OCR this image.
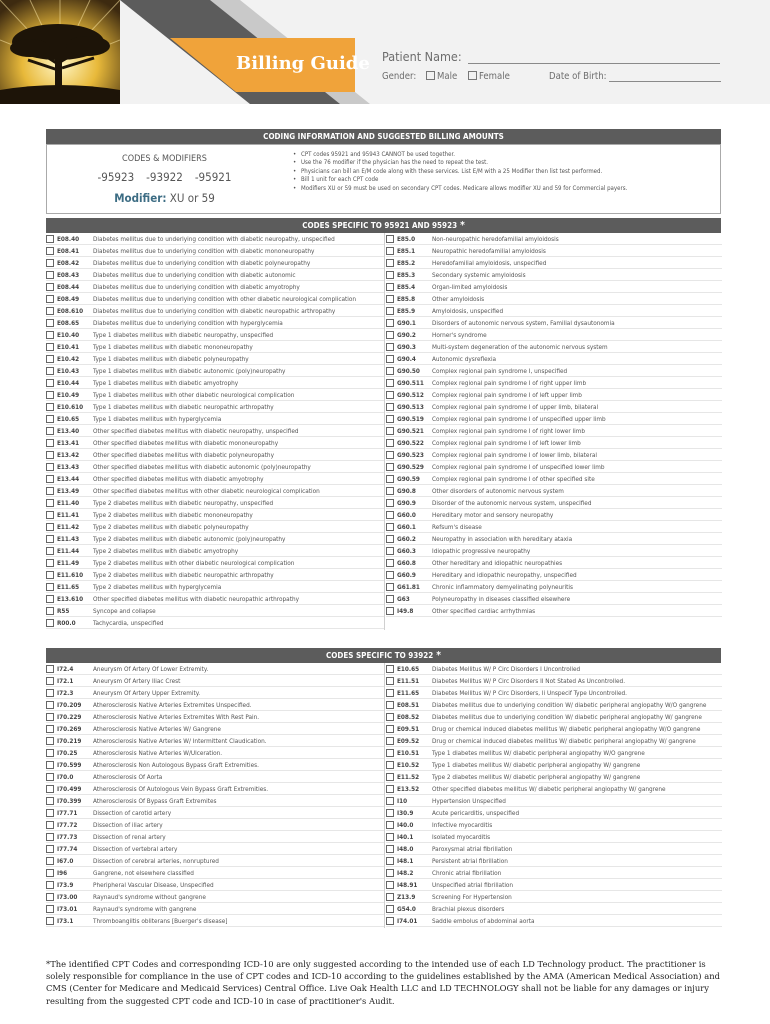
Billing Guide Patient Name:
Gender:	Male	Female	Date of Birth:
CODING INFORMATION AND SUGGESTED BILLING AMOUNTS
CODES & MODIFIERS
-95923 -93922 -95921
Modifier: XU or 59
• CPT codes 95921 and 95943 CANNOT be used together.
• Use the 76 modifier if the physician has the need to repeat the test.
• Physicians can bill an E/M code along with these services. List E/M with a 25 Modifier then list test performed.
• Bill 1 unit for each CPT code
• Modifiers XU or 59 must be used on secondary CPT codes. Medicare allows modifier XU and 59 for Commercial payers.
CODES SPECIFIC TO 95921 AND 95923 *
E08.40 Diabetes mellitus due to underlying condition with diabetic neuropathy, unspecified
E08.41 Diabetes mellitus due to underlying condition with diabetic mononeuropathy
E08.42 Diabetes mellitus due to underlying condition with diabetic polyneuropathy
E08.43 Diabetes mellitus due to underlying condition with diabetic autonomic
E08.44 Diabetes mellitus due to underlying condition with diabetic amyotrophy
E08.49 Diabetes mellitus due to underlying condition with other diabetic neurological complication
E08.610 Diabetes mellitus due to underlying condition with diabetic neuropathic arthropathy
E08.65 Diabetes mellitus due to underlying condition with hyperglycemia
E10.40 Type 1 diabetes mellitus with diabetic neuropathy, unspecified
E10.41 Type 1 diabetes mellitus with diabetic mononeuropathy
E10.42 Type 1 diabetes mellitus with diabetic polyneuropathy
E10.43 Type 1 diabetes mellitus with diabetic autonomic (poly)neuropathy
E10.44 Type 1 diabetes mellitus with diabetic amyotrophy
E10.49 Type 1 diabetes mellitus with other diabetic neurological complication
E10.610 Type 1 diabetes mellitus with diabetic neuropathic arthropathy
E10.65 Type 1 diabetes mellitus with hyperglycemia
E13.40 Other specified diabetes mellitus with diabetic neuropathy, unspecified
E13.41 Other specified diabetes mellitus with diabetic mononeuropathy
E13.42 Other specified diabetes mellitus with diabetic polyneuropathy
E13.43 Other specified diabetes mellitus with diabetic autonomic (poly)neuropathy
E13.44 Other specified diabetes mellitus with diabetic amyotrophy
E13.49 Other specified diabetes mellitus with other diabetic neurological complication
E11.40 Type 2 diabetes mellitus with diabetic neuropathy, unspecified
E11.41 Type 2 diabetes mellitus with diabetic mononeuropathy
E11.42 Type 2 diabetes mellitus with diabetic polyneuropathy
E11.43 Type 2 diabetes mellitus with diabetic autonomic (poly)neuropathy
E11.44 Type 2 diabetes mellitus with diabetic amyotrophy
E11.49 Type 2 diabetes mellitus with other diabetic neurological complication
E11.610 Type 2 diabetes mellitus with diabetic neuropathic arthropathy
E11.65 Type 2 diabetes mellitus with hyperglycemia
E13.610 Other specified diabetes mellitus with diabetic neuropathic arthropathy
R55	Syncope and collapse
R00.0	Tachycardia, unspecified
E85.0	Non-neuropathic heredofamilial amyloidosis
E85.1	Neuropathic heredofamilial amyloidosis
E85.2	Heredofamilial amyloidosis, unspecified
E85.3	Secondary systemic amyloidosis
E85.4	Organ-limited amyloidosis
E85.8	Other amyloidosis
E85.9	Amyloidosis, unspecified
G90.1	Disorders of autonomic nervous system, Familial dysautonomia
G90.2	Horner's syndrome
G90.3	Multi-system degeneration of the autonomic nervous system
G90.4	Autonomic dysreflexia
G90.50 Complex regional pain syndrome I, unspecified
G90.511 Complex regional pain syndrome I of right upper limb
G90.512 Complex regional pain syndrome I of left upper limb
G90.513 Complex regional pain syndrome I of upper limb, bilateral
G90.519 Complex regional pain syndrome I of unspecified upper limb
G90.521 Complex regional pain syndrome I of right lower limb
G90.522 Complex regional pain syndrome I of left lower limb
G90.523 Complex regional pain syndrome I of lower limb, bilateral
G90.529 Complex regional pain syndrome I of unspecified lower limb
G90.59 Complex regional pain syndrome I of other specified site
G90.8	Other disorders of autonomic nervous system
G90.9	Disorder of the autonomic nervous system, unspecified
G60.0	Hereditary motor and sensory neuropathy
G60.1	Refsum's disease
G60.2	Neuropathy in association with hereditary ataxia
G60.3	Idiopathic progressive neuropathy
G60.8	Other hereditary and idiopathic neuropathies
G60.9	Hereditary and idiopathic neuropathy, unspecified
G61.81 Chronic inflammatory demyelinating polyneuritis
G63	Polyneuropathy in diseases classified elsewhere
I49.8	Other specified cardiac arrhythmias
CODES SPECIFIC TO 93922 *
I72.4	Aneurysm Of Artery Of Lower Extremity.
I72.1	Aneurysm Of Artery Iliac Crest
I72.3	Aneurysm Of Artery Upper Extremity.
I70.209 Atherosclerosis Native Arteries Extremites Unspecified.
I70.229 Atherosclerosis Native Arteries Extremites With Rest Pain.
I70.269 Atherosclerosis Native Arteries W/ Gangrene
I70.219 Atherosclerosis Native Arteries W/ Intermittent Claudication.
I70.25 Atherosclerosis Native Arteries W/Ulceration.
I70.599 Atherosclerosis Non Autologous Bypass Graft Extremities.
I70.0	Atherosclerosis Of Aorta
I70.499 Atherosclerosis Of Autologous Vein Bypass Graft Extremities.
I70.399 Atherosclerosis Of Bypass Graft Extremites
I77.71 Dissection of carotid artery
I77.72 Dissection of iliac artery
I77.73 Dissection of renal artery
I77.74 Dissection of vertebral artery
I67.0	Dissection of cerebral arteries, nonruptured
I96	Gangrene, not elsewhere classified
I73.9	Pheripheral Vascular Disease, Unspecified
I73.00 Raynaud's syndrome without gangrene
I73.01 Raynaud's syndrome with gangrene
I73.1	Thromboangiitis obliterans [Buerger's disease]
E10.65 Diabetes Mellitus W/ P Circ Disorders I Uncontrolled
E11.51 Diabetes Mellitus W/ P Circ Disorders II Not Stated As Uncontrolled.
E11.65 Diabetes Mellitus W/ P Circ Disorders, Ii Unspecif Type Uncontrolled.
E08.51 Diabetes mellitus due to underlying condition W/ diabetic peripheral angiopathy W/O gangrene
E08.52 Diabetes mellitus due to underlying condition W/ diabetic peripheral angiopathy W/ gangrene
E09.51 Drug or chemical induced diabetes mellitus W/ diabetic peripheral angiopathy W/O gangrene
E09.52 Drug or chemical induced diabetes mellitus W/ diabetic peripheral angiopathy W/ gangrene
E10.51 Type 1 diabetes mellitus W/ diabetic peripheral angiopathy W/O gangrene
E10.52 Type 1 diabetes mellitus W/ diabetic peripheral angiopathy W/ gangrene
E11.52 Type 2 diabetes mellitus W/ diabetic peripheral angiopathy W/ gangrene
E13.52 Other specified diabetes mellitus W/ diabetic peripheral angiopathy W/ gangrene
I10	Hypertension Unspecified
I30.9	Acute pericarditis, unspecified
I40.0	Infective myocarditis
I40.1	Isolated myocarditis
I48.0	Paroxysmal atrial fibrillation
I48.1	Persistent atrial fibrillation
I48.2	Chronic atrial fibrillation
I48.91 Unspecified atrial fibrillation
Z13.9	Screening For Hypertension
G54.0	Brachial plexus disorders
I74.01 Saddle embolus of abdominal aorta
*The identified CPT Codes and corresponding ICD-10 are only suggested according to the intended use of each LD Technology product. The practitioner is solely responsible for compliance in the use of CPT codes and ICD-10 according to the guidelines established by the AMA (American Medical Association) and CMS (Center for Medicare and Medicaid Services) Central Office. Live Oak Health LLC and LD TECHNOLOGY shall not be liable for any damages or injury resulting from the suggested CPT code and ICD-10 in case of practitioner's Audit.
